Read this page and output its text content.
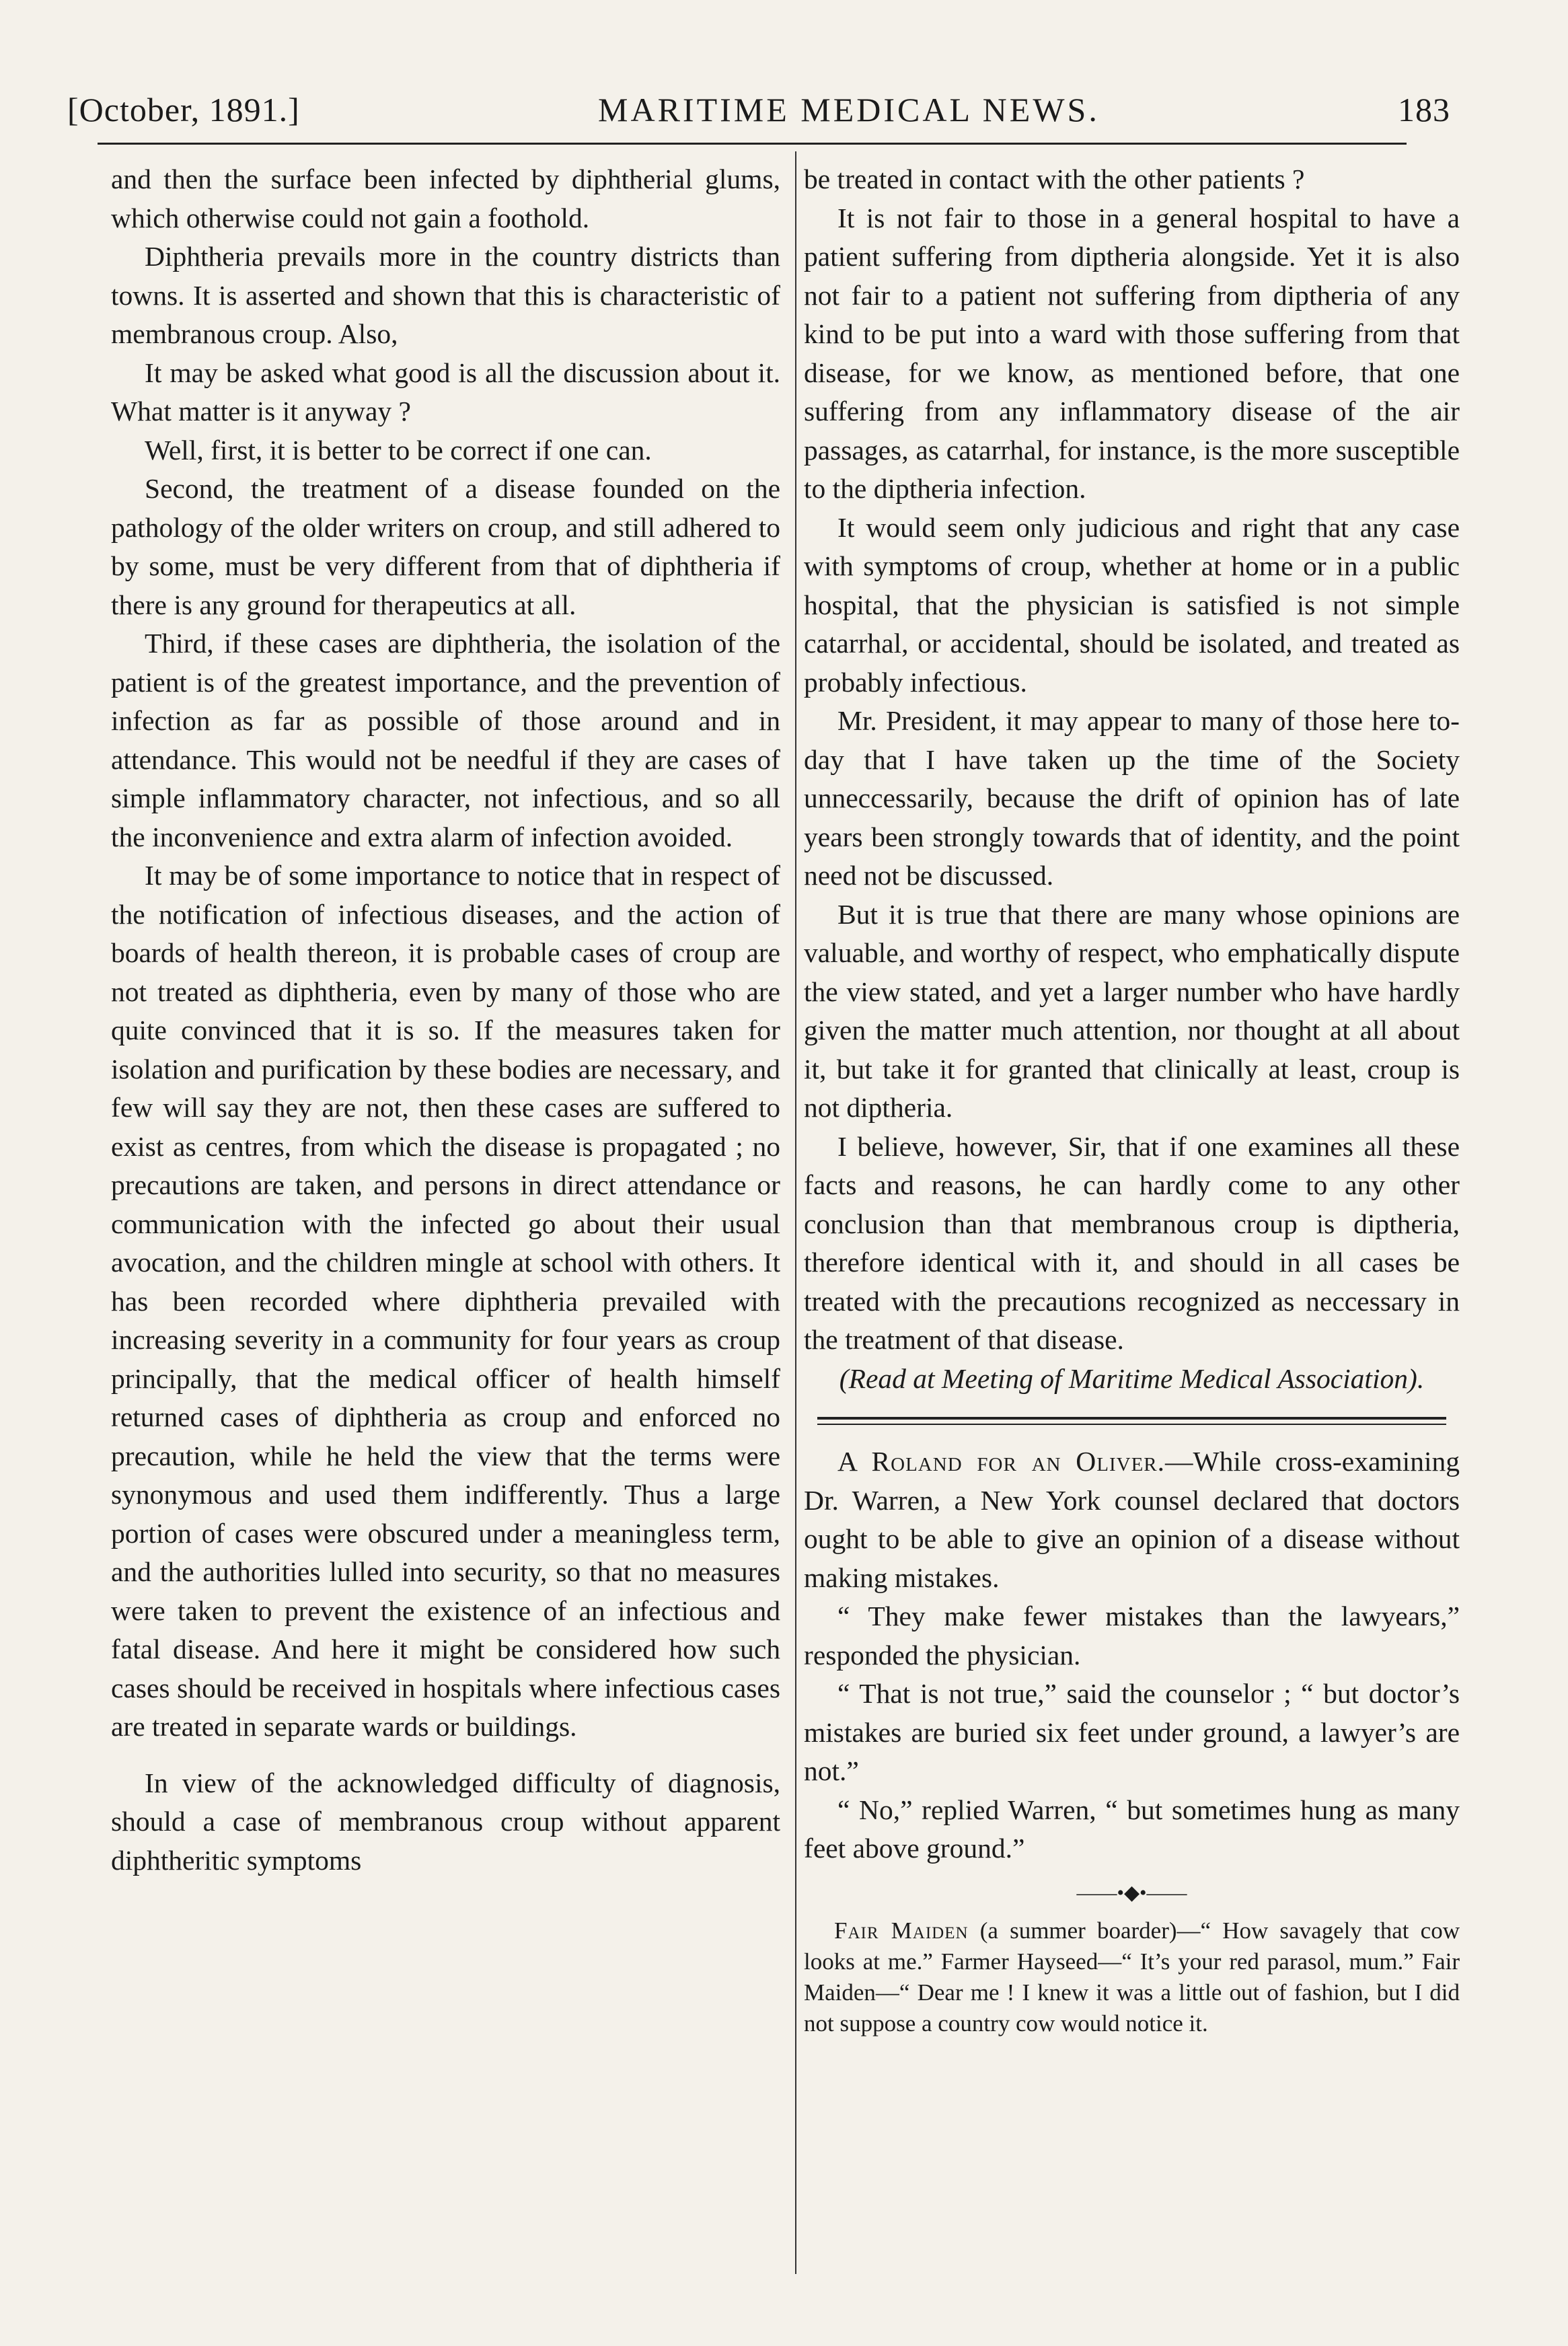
[October, 1891.]	MARITIME MEDICAL NEWS.	183

and then the surface been infected by diphtherial glums, which otherwise could not gain a foothold.

Diphtheria prevails more in the country districts than towns. It is asserted and shown that this is characteristic of membranous croup. Also,

It may be asked what good is all the discussion about it. What matter is it anyway ?

Well, first, it is better to be correct if one can.

Second, the treatment of a disease founded on the pathology of the older writers on croup, and still adhered to by some, must be very different from that of diphtheria if there is any ground for therapeutics at all.

Third, if these cases are diphtheria, the isolation of the patient is of the greatest importance, and the prevention of infection as far as possible of those around and in attendance. This would not be needful if they are cases of simple inflammatory character, not infectious, and so all the inconvenience and extra alarm of infection avoided.

It may be of some importance to notice that in respect of the notification of infectious diseases, and the action of boards of health thereon, it is probable cases of croup are not treated as diphtheria, even by many of those who are quite convinced that it is so. If the measures taken for isolation and purification by these bodies are necessary, and few will say they are not, then these cases are suffered to exist as centres, from which the disease is propagated ; no precautions are taken, and persons in direct attendance or communication with the infected go about their usual avocation, and the children mingle at school with others. It has been recorded where diphtheria prevailed with increasing severity in a community for four years as croup principally, that the medical officer of health himself returned cases of diphtheria as croup and enforced no precaution, while he held the view that the terms were synonymous and used them indifferently. Thus a large portion of cases were obscured under a meaningless term, and the authorities lulled into security, so that no measures were taken to prevent the existence of an infectious and fatal disease. And here it might be considered how such cases should be received in hospitals where infectious cases are treated in separate wards or buildings.

In view of the acknowledged difficulty of diagnosis, should a case of membranous croup without apparent diphtheritic symptoms

be treated in contact with the other patients ?

It is not fair to those in a general hospital to have a patient suffering from diptheria alongside. Yet it is also not fair to a patient not suffering from diptheria of any kind to be put into a ward with those suffering from that disease, for we know, as mentioned before, that one suffering from any inflammatory disease of the air passages, as catarrhal, for instance, is the more susceptible to the diptheria infection.

It would seem only judicious and right that any case with symptoms of croup, whether at home or in a public hospital, that the physician is satisfied is not simple catarrhal, or accidental, should be isolated, and treated as probably infectious.

Mr. President, it may appear to many of those here to-day that I have taken up the time of the Society unneccessarily, because the drift of opinion has of late years been strongly towards that of identity, and the point need not be discussed.

But it is true that there are many whose opinions are valuable, and worthy of respect, who emphatically dispute the view stated, and yet a larger number who have hardly given the matter much attention, nor thought at all about it, but take it for granted that clinically at least, croup is not diptheria.

I believe, however, Sir, that if one examines all these facts and reasons, he can hardly come to any other conclusion than that membranous croup is diptheria, therefore identical with it, and should in all cases be treated with the precautions recognized as neccessary in the treatment of that disease.

(Read at Meeting of Maritime Medical Association).

A Roland for an Oliver.—While cross-examining Dr. Warren, a New York counsel declared that doctors ought to be able to give an opinion of a disease without making mistakes.

“ They make fewer mistakes than the lawyears,” responded the physician.

“ That is not true,” said the counselor ; “ but doctor’s mistakes are buried six feet under ground, a lawyer’s are not.”

“ No,” replied Warren, “ but sometimes hung as many feet above ground.”

——•◆•——

Fair Maiden (a summer boarder)—“ How savagely that cow looks at me.” Farmer Hayseed—“ It’s your red parasol, mum.” Fair Maiden—“ Dear me ! I knew it was a little out of fashion, but I did not suppose a country cow would notice it.
